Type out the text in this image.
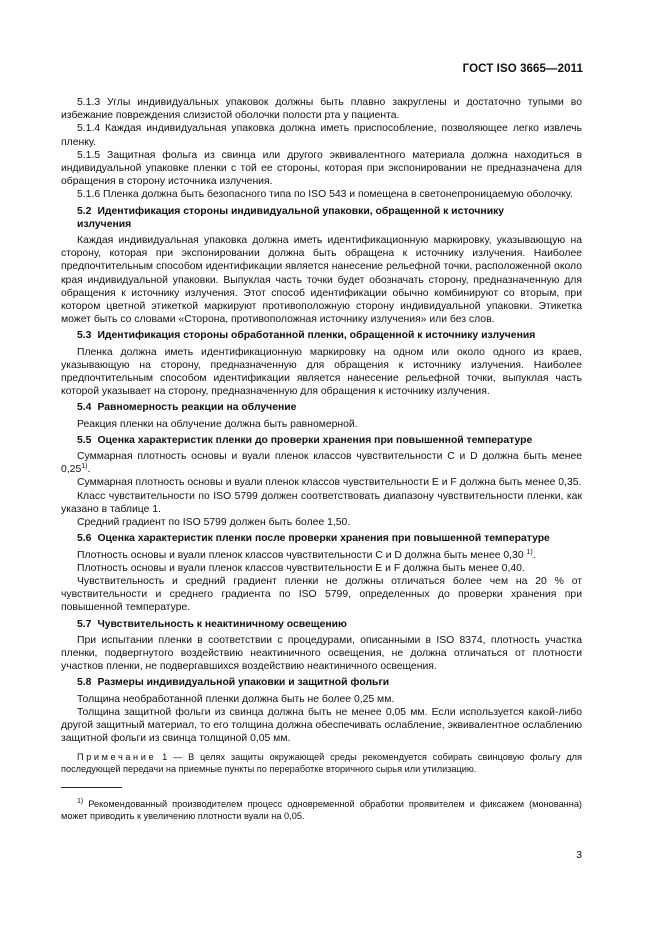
ГОСТ ISO 3665—2011

5.1.3 Углы индивидуальных упаковок должны быть плавно закруглены и достаточно тупыми во избежание повреждения слизистой оболочки полости рта у пациента.

5.1.4 Каждая индивидуальная упаковка должна иметь приспособление, позволяющее легко извлечь пленку.

5.1.5 Защитная фольга из свинца или другого эквивалентного материала должна находиться в индивидуальной упаковке пленки с той ее стороны, которая при экспонировании не предназначена для обращения в сторону источника излучения.

5.1.6 Пленка должна быть безопасного типа по ISO 543 и помещена в светонепроницаемую оболочку.

5.2 Идентификация стороны индивидуальной упаковки, обращенной к источнику
излучения

Каждая индивидуальная упаковка должна иметь идентификационную маркировку, указывающую на сторону, которая при экспонировании должна быть обращена к источнику излучения. Наиболее предпочтительным способом идентификации является нанесение рельефной точки, расположенной около края индивидуальной упаковки. Выпуклая часть точки будет обозначать сторону, предназначенную для обращения к источнику излучения. Этот способ идентификации обычно комбинируют со вторым, при котором цветной этикеткой маркируют противоположную сторону индивидуальной упаковки. Этикетка может быть со словами «Сторона, противоположная источнику излучения» или без слов.

5.3 Идентификация стороны обработанной пленки, обращенной к источнику излучения

Пленка должна иметь идентификационную маркировку на одном или около одного из краев, указывающую на сторону, предназначенную для обращения к источнику излучения. Наиболее предпочтительным способом идентификации является нанесение рельефной точки, выпуклая часть которой указывает на сторону, предназначенную для обращения к источнику излучения.

5.4 Равномерность реакции на облучение

Реакция пленки на облучение должна быть равномерной.

5.5 Оценка характеристик пленки до проверки хранения при повышенной температуре

Суммарная плотность основы и вуали пленок классов чувствительности С и D должна быть менее 0,25$^{1)}$.

Суммарная плотность основы и вуали пленок классов чувствительности Е и F должна быть менее 0,35.

Класс чувствительности по ISO 5799 должен соответствовать диапазону чувствительности пленки, как указано в таблице 1.

Средний градиент по ISO 5799 должен быть более 1,50.

5.6 Оценка характеристик пленки после проверки хранения при повышенной температуре

Плотность основы и вуали пленок классов чувствительности С и D должна быть менее 0,30 $^{1)}$.

Плотность основы и вуали пленок классов чувствительности Е и F должна быть менее 0,40.

Чувствительность и средний градиент пленки не должны отличаться более чем на 20 % от чувствительности и среднего градиента по ISO 5799, определенных до проверки хранения при повышенной температуре.

5.7 Чувствительность к неактиничному освещению

При испытании пленки в соответствии с процедурами, описанными в ISO 8374, плотность участка пленки, подвергнутого воздействию неактиничного освещения, не должна отличаться от плотности участков пленки, не подвергавшихся воздействию неактиничного освещения.

5.8 Размеры индивидуальной упаковки и защитной фольги

Толщина необработанной пленки должна быть не более 0,25 мм.

Толщина защитной фольги из свинца должна быть не менее 0,05 мм. Если используется какой-либо другой защитный материал, то его толщина должна обеспечивать ослабление, эквивалентное ослаблению защитной фольги из свинца толщиной 0,05 мм.

Примечание 1 — В целях защиты окружающей среды рекомендуется собирать свинцовую фольгу для последующей передачи на приемные пункты по переработке вторичного сырья или утилизацию.

$^{1)}$ Рекомендованный производителем процесс одновременной обработки проявителем и фиксажем (монованна) может приводить к увеличению плотности вуали на 0,05.

3
